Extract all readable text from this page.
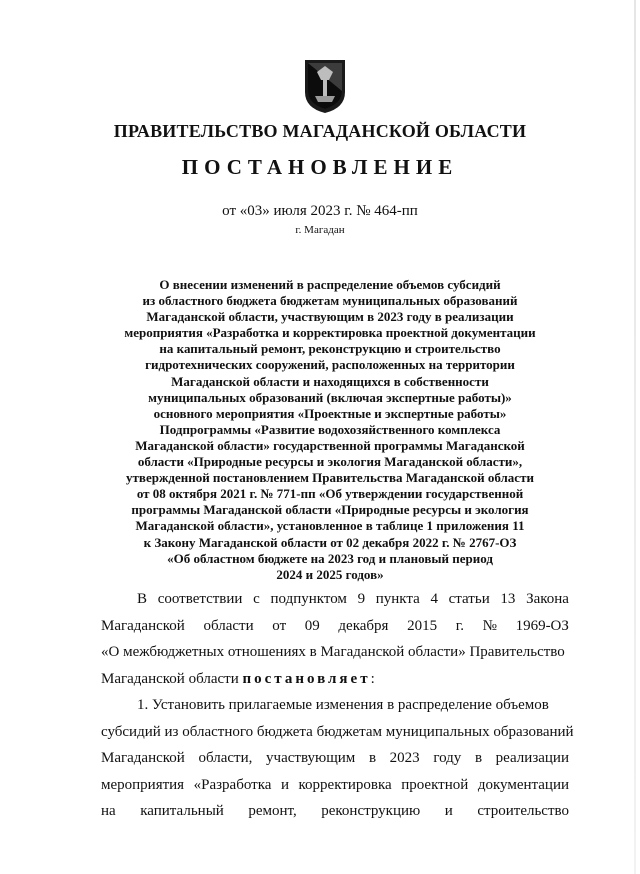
ПРАВИТЕЛЬСТВО МАГАДАНСКОЙ ОБЛАСТИ
ПОСТАНОВЛЕНИЕ
от «03» июля 2023 г. № 464-пп
г. Магадан
О внесении изменений в распределение объемов субсидий
из областного бюджета бюджетам муниципальных образований
Магаданской области, участвующим в 2023 году в реализации
мероприятия «Разработка и корректировка проектной документации
на капитальный ремонт, реконструкцию и строительство
гидротехнических сооружений, расположенных на территории
Магаданской области и находящихся в собственности
муниципальных образований (включая экспертные работы)»
основного мероприятия «Проектные и экспертные работы»
Подпрограммы «Развитие водохозяйственного комплекса
Магаданской области» государственной программы Магаданской
области «Природные ресурсы и экология Магаданской области»,
утвержденной постановлением Правительства Магаданской области
от 08 октября 2021 г. № 771-пп «Об утверждении государственной
программы Магаданской области «Природные ресурсы и экология
Магаданской области», установленное в таблице 1 приложения 11
к Закону Магаданской области от 02 декабря 2022 г. № 2767-ОЗ
«Об областном бюджете на 2023 год и плановый период
2024 и 2025 годов»
В соответствии с подпунктом 9 пункта 4 статьи 13 Закона
Магаданской области от 09 декабря 2015 г. № 1969-ОЗ
«О межбюджетных отношениях в Магаданской области» Правительство
Магаданской области постановляет:
1. Установить прилагаемые изменения в распределение объемов
субсидий из областного бюджета бюджетам муниципальных образований
Магаданской области, участвующим в 2023 году в реализации
мероприятия «Разработка и корректировка проектной документации
на капитальный ремонт, реконструкцию и строительство
